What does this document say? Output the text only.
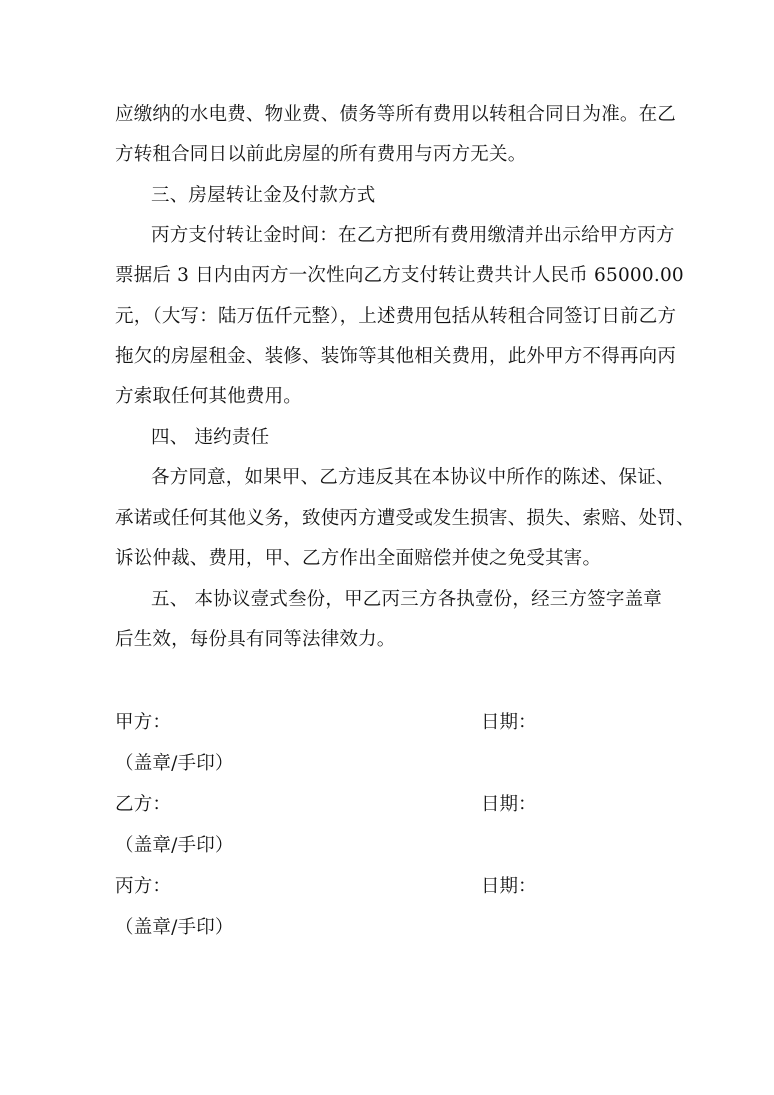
应缴纳的水电费、物业费、债务等所有费用以转租合同日为准。在乙
方转租合同日以前此房屋的所有费用与丙方无关。
三、房屋转让金及付款方式
丙方支付转让金时间：在乙方把所有费用缴清并出示给甲方丙方
票据后 3 日内由丙方一次性向乙方支付转让费共计人民币 65000.00
元，（大写：陆万伍仟元整），上述费用包括从转租合同签订日前乙方
拖欠的房屋租金、装修、装饰等其他相关费用，此外甲方不得再向丙
方索取任何其他费用。
四、 违约责任
各方同意，如果甲、乙方违反其在本协议中所作的陈述、保证、
承诺或任何其他义务，致使丙方遭受或发生损害、损失、索赔、处罚、
诉讼仲裁、费用，甲、乙方作出全面赔偿并使之免受其害。
五、 本协议壹式叁份，甲乙丙三方各执壹份，经三方签字盖章
后生效，每份具有同等法律效力。
甲方：	日期：
（盖章/手印）
乙方：	日期：
（盖章/手印）
丙方：	日期：
（盖章/手印）
